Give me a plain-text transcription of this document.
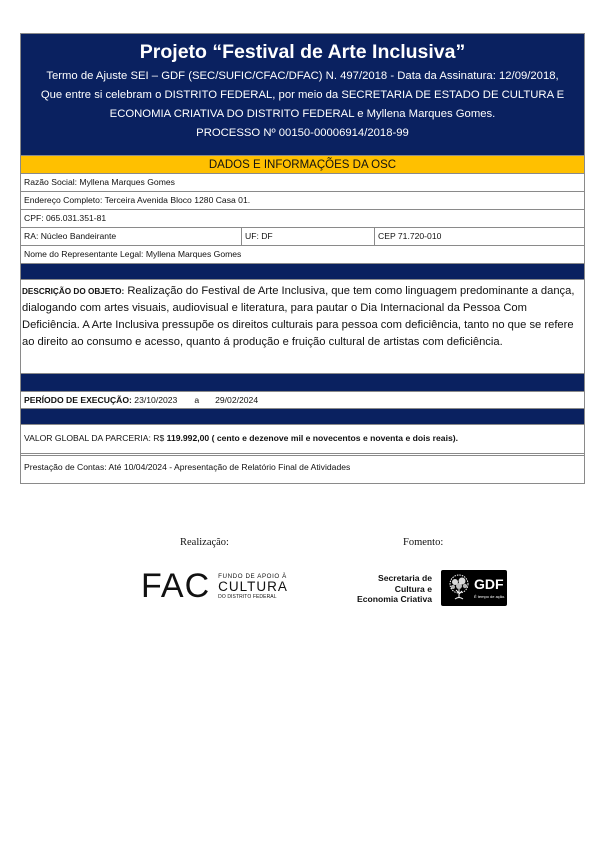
Projeto “Festival de Arte Inclusiva”
Termo de Ajuste SEI – GDF (SEC/SUFIC/CFAC/DFAC) N. 497/2018 - Data da Assinatura: 12/09/2018,
Que entre si celebram o DISTRITO FEDERAL, por meio da SECRETARIA DE ESTADO DE CULTURA E
ECONOMIA CRIATIVA DO DISTRITO FEDERAL e Myllena Marques Gomes.
PROCESSO Nº 00150-00006914/2018-99
DADOS E INFORMAÇÕES DA OSC
Razão Social: Myllena Marques Gomes
Endereço Completo: Terceira Avenida Bloco 1280 Casa 01.
CPF: 065.031.351-81
RA: Núcleo Bandeirante	UF: DF	CEP 71.720-010
Nome do Representante Legal: Myllena Marques Gomes
DESCRIÇÃO DO OBJETO: Realização do Festival de Arte Inclusiva, que tem como linguagem predominante a dança, dialogando com artes visuais, audiovisual e literatura, para pautar o Dia Internacional da Pessoa Com Deficiência. A Arte Inclusiva pressupõe os direitos culturais para pessoa com deficiência, tanto no que se refere ao direito ao consumo e acesso, quanto á produção e fruição cultural de artistas com deficiência.
PERÍODO DE EXECUÇÃO: 23/10/2023 a 29/02/2024
VALOR GLOBAL DA PARCERIA: R$ 119.992,00 ( cento e dezenove mil e novecentos e noventa e dois reais).
Prestação de Contas: Até 10/04/2024 - Apresentação de Relatório Final de Atividades
Realização:	Fomento:
FAC FUNDO DE APOIO À
CULTURA
DO DISTRITO FEDERAL
Secretaria de
Cultura e
Economia Criativa
GDF
É tempo de ação.
